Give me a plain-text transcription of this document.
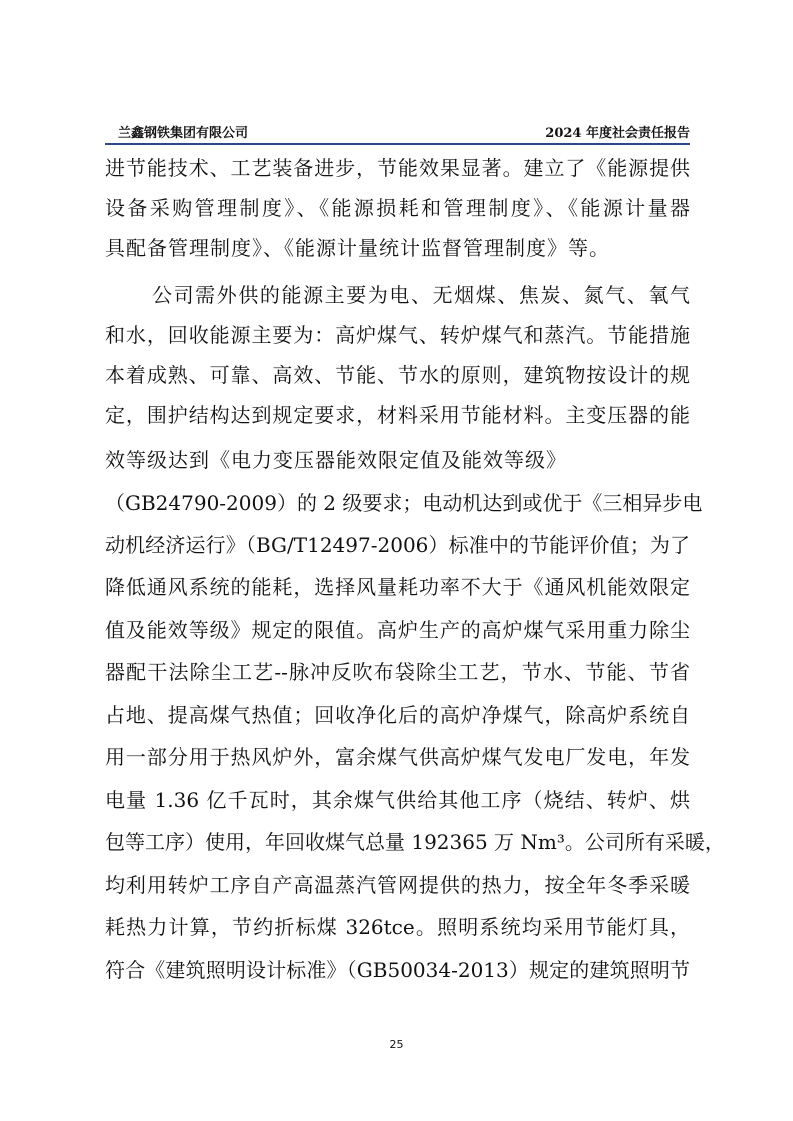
兰鑫钢铁集团有限公司	2024 年度社会责任报告
进节能技术、工艺装备进步，节能效果显著。建立了《能源提供
设备采购管理制度》、《能源损耗和管理制度》、《能源计量器
具配备管理制度》、《能源计量统计监督管理制度》等。
公司需外供的能源主要为电、无烟煤、焦炭、氮气、氧气
和水，回收能源主要为：高炉煤气、转炉煤气和蒸汽。节能措施
本着成熟、可靠、高效、节能、节水的原则，建筑物按设计的规
定，围护结构达到规定要求，材料采用节能材料。主变压器的能
效等级达到《电力变压器能效限定值及能效等级》
（GB24790-2009）的 2 级要求；电动机达到或优于《三相异步电
动机经济运行》（BG/T12497-2006）标准中的节能评价值；为了
降低通风系统的能耗，选择风量耗功率不大于《通风机能效限定
值及能效等级》规定的限值。高炉生产的高炉煤气采用重力除尘
器配干法除尘工艺--脉冲反吹布袋除尘工艺，节水、节能、节省
占地、提高煤气热值；回收净化后的高炉净煤气，除高炉系统自
用一部分用于热风炉外，富余煤气供高炉煤气发电厂发电，年发
电量 1.36 亿千瓦时，其余煤气供给其他工序（烧结、转炉、烘
包等工序）使用，年回收煤气总量 192365 万 Nm³。公司所有采暖，
均利用转炉工序自产高温蒸汽管网提供的热力，按全年冬季采暖
耗热力计算，节约折标煤 326tce。照明系统均采用节能灯具，
符合《建筑照明设计标准》（GB50034-2013）规定的建筑照明节
25
